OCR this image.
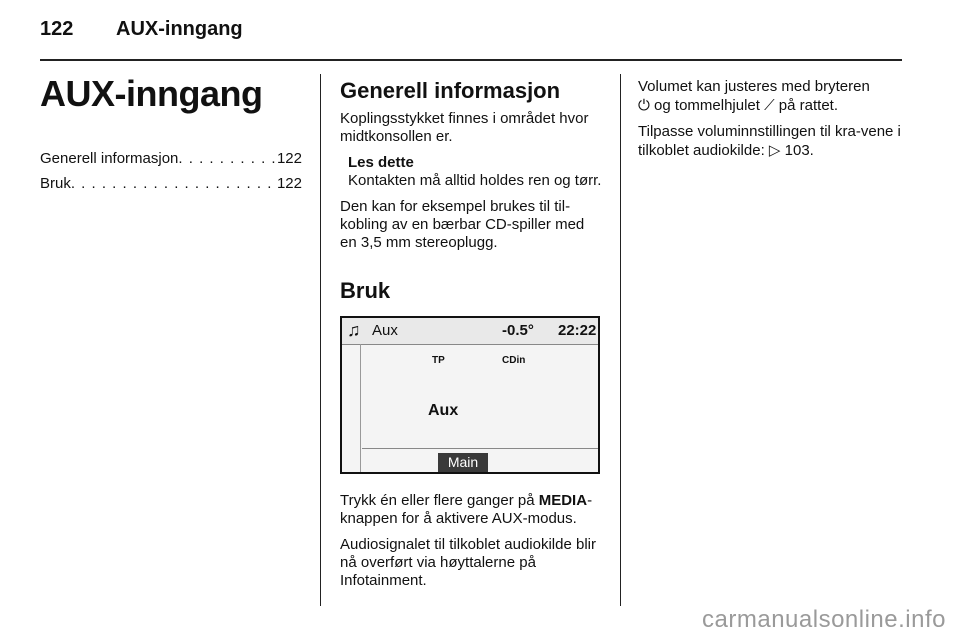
122 AUX-inngang
AUX-inngang
Generell informasjon . . .	122
Bruk . . .	122
Generell informasjon

Koplingsstykket finnes i området hvor midtkonsollen er.

Les dette
Kontakten må alltid holdes ren og tørr.

Den kan for eksempel brukes til til-kobling av en bærbar CD-spiller med en 3,5 mm stereoplugg.

Bruk
♫ Aux	-0.5° 22:22
TP	CDin
Aux
Main

Trykk én eller flere ganger på MEDIA-knappen for å aktivere AUX-modus.

Audiosignalet til tilkoblet audiokilde blir nå overført via høyttalerne på Infotainment.

Volumet kan justeres med bryteren
⏻ og tommelhjulet ⟋ på rattet.

Tilpasse voluminnstillingen til kra-vene i tilkoblet audiokilde: ▷ 103.

carmanualsonline.info
